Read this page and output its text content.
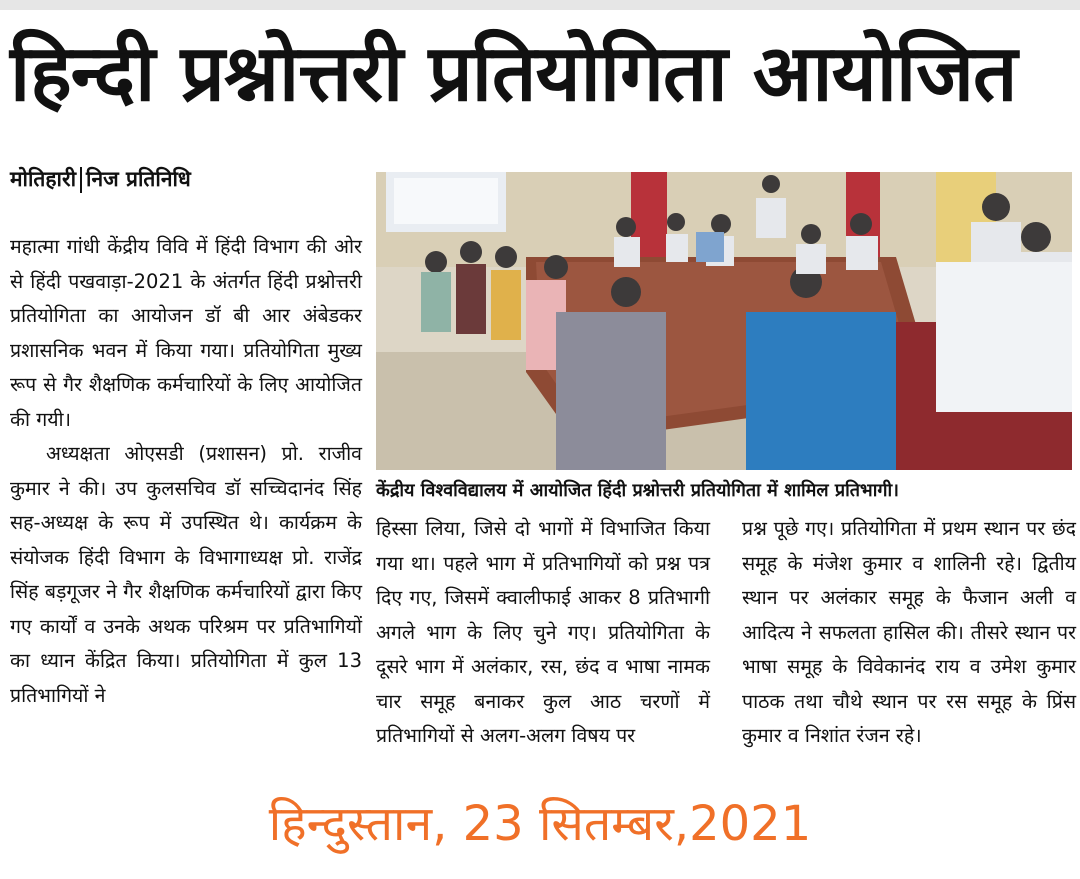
हिन्दी प्रश्नोत्तरी प्रतियोगिता आयोजित
मोतिहारी निज प्रतिनिधि

महात्मा गांधी केंद्रीय विवि में हिंदी विभाग की ओर से हिंदी पखवाड़ा-2021 के अंतर्गत हिंदी प्रश्नोत्तरी प्रतियोगिता का आयोजन डॉ बी आर अंबेडकर प्रशासनिक भवन में किया गया। प्रतियोगिता मुख्य रूप से गैर शैक्षणिक कर्मचारियों के लिए आयोजित की गयी।

अध्यक्षता ओएसडी (प्रशासन) प्रो. राजीव कुमार ने की। उप कुलसचिव डॉ सच्चिदानंद सिंह सह-अध्यक्ष के रूप में उपस्थित थे। कार्यक्रम के संयोजक हिंदी विभाग के विभागाध्यक्ष प्रो. राजेंद्र सिंह बड़गूजर ने गैर शैक्षणिक कर्मचारियों द्वारा किए गए कार्यों व उनके अथक परिश्रम पर प्रतिभागियों का ध्यान केंद्रित किया। प्रतियोगिता में कुल 13 प्रतिभागियों ने

केंद्रीय विश्वविद्यालय में आयोजित हिंदी प्रश्नोत्तरी प्रतियोगिता में शामिल प्रतिभागी।

हिस्सा लिया, जिसे दो भागों में विभाजित किया गया था। पहले भाग में प्रतिभागियों को प्रश्न पत्र दिए गए, जिसमें क्वालीफाई आकर 8 प्रतिभागी अगले भाग के लिए चुने गए। प्रतियोगिता के दूसरे भाग में अलंकार, रस, छंद व भाषा नामक चार समूह बनाकर कुल आठ चरणों में प्रतिभागियों से अलग-अलग विषय पर

प्रश्न पूछे गए। प्रतियोगिता में प्रथम स्थान पर छंद समूह के मंजेश कुमार व शालिनी रहे। द्वितीय स्थान पर अलंकार समूह के फैजान अली व आदित्य ने सफलता हासिल की। तीसरे स्थान पर भाषा समूह के विवेकानंद राय व उमेश कुमार पाठक तथा चौथे स्थान पर रस समूह के प्रिंस कुमार व निशांत रंजन रहे।

हिन्दुस्तान, 23 सितम्बर,2021
